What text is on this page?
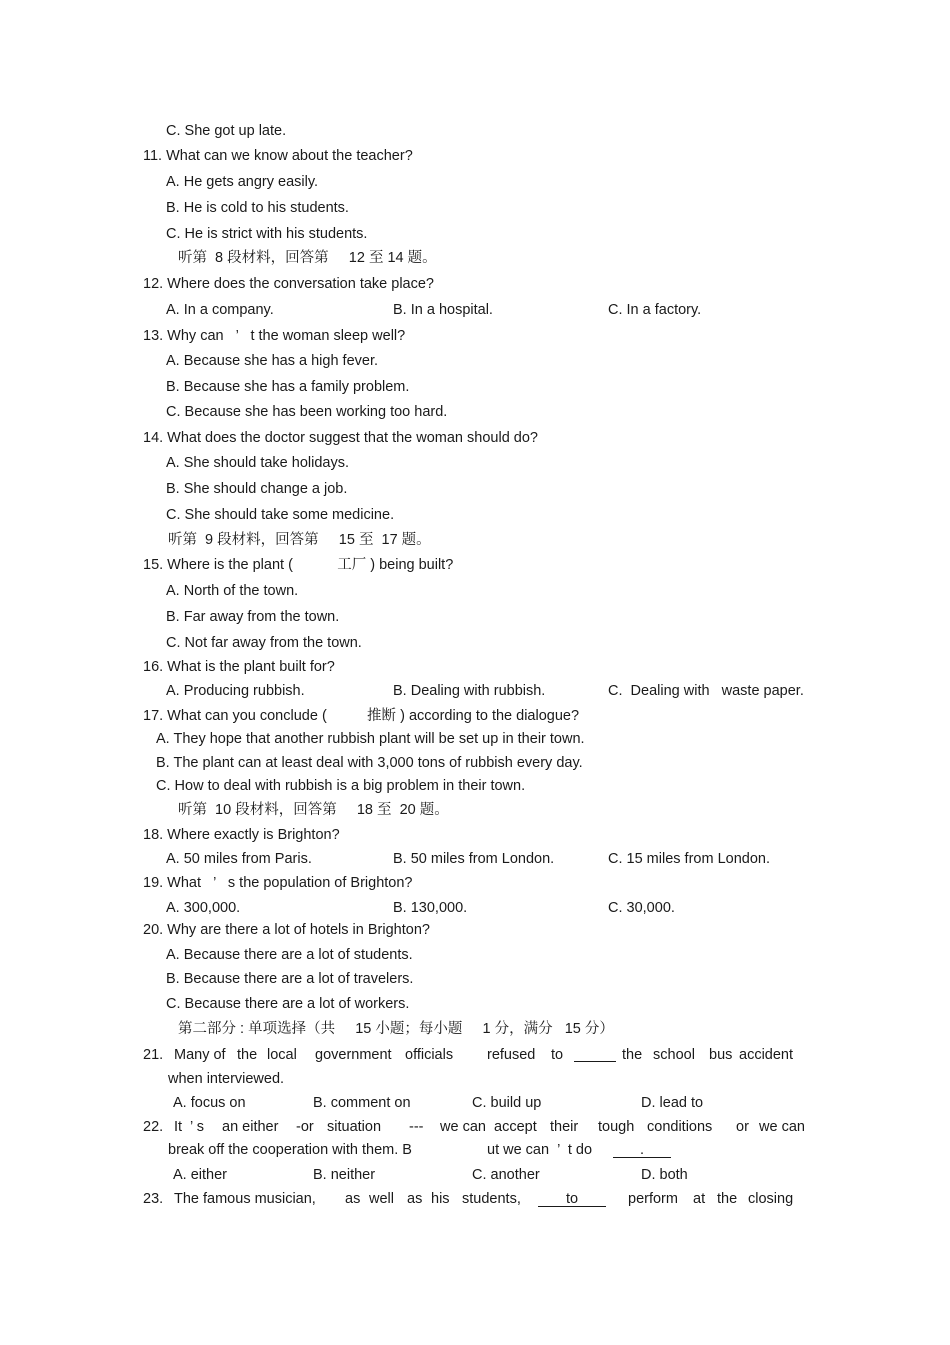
C. She got up late.
11. What can we know about the teacher?
A. He gets angry easily.
B. He is cold to his students.
C. He is strict with his students.
听第  8 段材料，回答第     12 至 14 题。
12. Where does the conversation take place?
A. In a company.	B. In a hospital.	C. In a factory.
13. Why can   ’   t the woman sleep well?
A. Because she has a high fever.
B. Because she has a family problem.
C. Because she has been working too hard.
14. What does the doctor suggest that the woman should do?
A. She should take holidays.
B. She should change a job.
C. She should take some medicine.
听第  9 段材料，回答第     15 至  17 题。
15. Where is the plant (           工厂 ) being built?
A. North of the town.
B. Far away from the town.
C. Not far away from the town.
16. What is the plant built for?
A. Producing rubbish.	B. Dealing with rubbish.	C.  Dealing with   waste paper.
17. What can you conclude (          推断 ) according to the dialogue?
A. They hope that another rubbish plant will be set up in their town.
B. The plant can at least deal with 3,000 tons of rubbish every day.
C. How to deal with rubbish is a big problem in their town.
听第  10 段材料，回答第     18 至  20 题。
18. Where exactly is Brighton?
A. 50 miles from Paris.	B. 50 miles from London.	C. 15 miles from London.
19. What   ’   s the population of Brighton?
A. 300,000.	B. 130,000.	C. 30,000.
20. Why are there a lot of hotels in Brighton?
A. Because there are a lot of students.
B. Because there are a lot of travelers.
C. Because there are a lot of workers.
第二部分 : 单项选择（共     15 小题；每小题     1 分，满分   15 分）
21. Many of the local government officials refused to	the school bus accident
when interviewed.
A. focus on	B. comment on	C. build up	D. lead to
22. It ’ s an either -or situation --- we can accept their tough conditions or we can
break off the cooperation with them. B	ut we can  ’  t do	.
A. either	B. neither	C. another	D. both
23. The famous musician, as well as his students,	to	perform at the closing
